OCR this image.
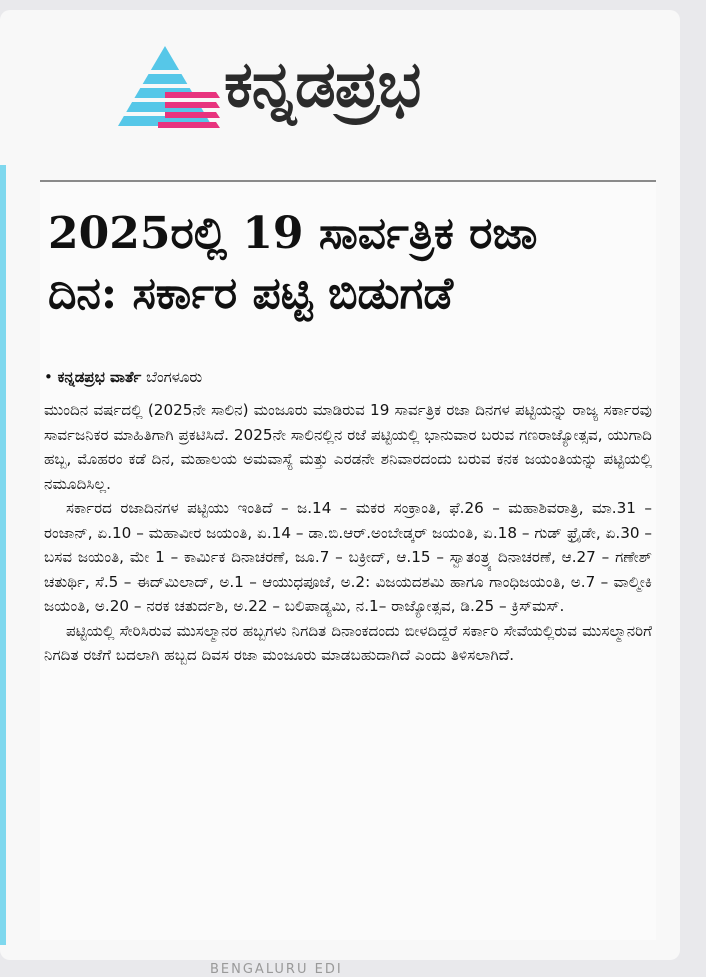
ಕನ್ನಡಪ್ರಭ
2025ರಲ್ಲಿ 19 ಸಾರ್ವತ್ರಿಕ ರಜಾ
ದಿನ: ಸರ್ಕಾರ ಪಟ್ಟಿ ಬಿಡುಗಡೆ
• ಕನ್ನಡಪ್ರಭ ವಾರ್ತೆ ಬೆಂಗಳೂರು

ಮುಂದಿನ ವರ್ಷದಲ್ಲಿ (2025ನೇ ಸಾಲಿನ) ಮಂಜೂರು ಮಾಡಿರುವ 19 ಸಾರ್ವತ್ರಿಕ ರಜಾ ದಿನಗಳ ಪಟ್ಟಿಯನ್ನು ರಾಜ್ಯ ಸರ್ಕಾರವು ಸಾರ್ವಜನಿಕರ ಮಾಹಿತಿಗಾಗಿ ಪ್ರಕಟಿಸಿದೆ. 2025ನೇ ಸಾಲಿನಲ್ಲಿನ ರಜೆ ಪಟ್ಟಿಯಲ್ಲಿ ಭಾನುವಾರ ಬರುವ ಗಣರಾಜ್ಯೋತ್ಸವ, ಯುಗಾದಿ ಹಬ್ಬ, ಮೊಹರಂ ಕಡೆ ದಿನ, ಮಹಾಲಯ ಅಮವಾಸ್ಯೆ ಮತ್ತು ಎರಡನೇ ಶನಿವಾರದಂದು ಬರುವ ಕನಕ ಜಯಂತಿಯನ್ನು ಪಟ್ಟಿಯಲ್ಲಿ ನಮೂದಿಸಿಲ್ಲ.

ಸರ್ಕಾರದ ರಜಾದಿನಗಳ ಪಟ್ಟಿಯು ಇಂತಿದೆ – ಜ.14 – ಮಕರ ಸಂಕ್ರಾಂತಿ, ಫೆ.26 – ಮಹಾಶಿವರಾತ್ರಿ, ಮಾ.31 – ರಂಜಾನ್, ಏ.10 – ಮಹಾವೀರ ಜಯಂತಿ, ಏ.14 – ಡಾ.ಬಿ.ಆರ್.ಅಂಬೇಡ್ಕರ್ ಜಯಂತಿ, ಏ.18 – ಗುಡ್ ಫ್ರೈಡೇ, ಏ.30 – ಬಸವ ಜಯಂತಿ, ಮೇ 1 – ಕಾರ್ಮಿಕ ದಿನಾಚರಣೆ, ಜೂ.7 – ಬಕ್ರೀದ್, ಆ.15 – ಸ್ವಾತಂತ್ರ್ಯ ದಿನಾಚರಣೆ, ಆ.27 – ಗಣೇಶ್ ಚತುರ್ಥಿ, ಸೆ.5 – ಈದ್‌ಮಿಲಾದ್, ಅ.1 – ಆಯುಧಪೂಜೆ, ಅ.2: ವಿಜಯದಶಮಿ ಹಾಗೂ ಗಾಂಧಿಜಯಂತಿ, ಅ.7 – ವಾಲ್ಮೀಕಿ ಜಯಂತಿ, ಅ.20 – ನರಕ ಚತುರ್ದಶಿ, ಅ.22 – ಬಲಿಪಾಡ್ಯಮಿ, ನ.1– ರಾಜ್ಯೋತ್ಸವ, ಡಿ.25 – ಕ್ರಿಸ್‌ಮಸ್.

ಪಟ್ಟಿಯಲ್ಲಿ ಸೇರಿಸಿರುವ ಮುಸಲ್ಮಾನರ ಹಬ್ಬಗಳು ನಿಗದಿತ ದಿನಾಂಕದಂದು ಬೀಳದಿದ್ದರೆ ಸರ್ಕಾರಿ ಸೇವೆಯಲ್ಲಿರುವ ಮುಸಲ್ಮಾನರಿಗೆ ನಿಗದಿತ ರಜೆಗೆ ಬದಲಾಗಿ ಹಬ್ಬದ ದಿವಸ ರಜಾ ಮಂಜೂರು ಮಾಡಬಹುದಾಗಿದೆ ಎಂದು ತಿಳಿಸಲಾಗಿದೆ.

BENGALURU EDI
